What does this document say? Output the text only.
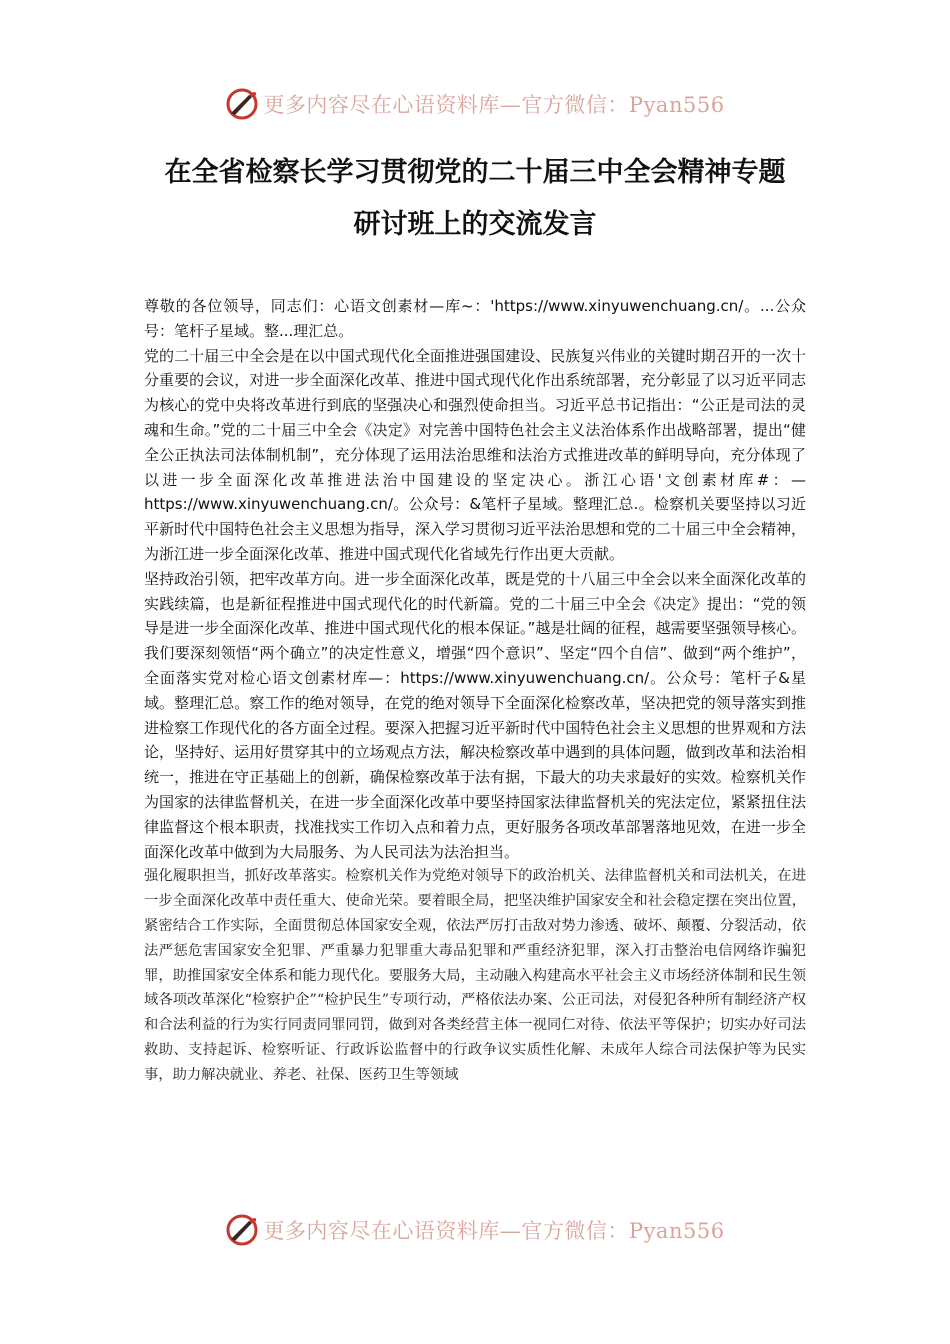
更多内容尽在心语资料库—官方微信：Pyan556
在全省检察长学习贯彻党的二十届三中全会精神专题
研讨班上的交流发言

尊敬的各位领导，同志们：心语文创素材—库~：'https://www.xinyuwenchuang.cn/。...公众号：笔杆子星域。整...理汇总。

党的二十届三中全会是在以中国式现代化全面推进强国建设、民族复兴伟业的关键时期召开的一次十分重要的会议，对进一步全面深化改革、推进中国式现代化作出系统部署，充分彰显了以习近平同志为核心的党中央将改革进行到底的坚强决心和强烈使命担当。习近平总书记指出：“公正是司法的灵魂和生命。”党的二十届三中全会《决定》对完善中国特色社会主义法治体系作出战略部署，提出“健全公正执法司法体制机制”，充分体现了运用法治思维和法治方式推进改革的鲜明导向，充分体现了以进一步全面深化改革推进法治中国建设的坚定决心。浙江心语'文创素材库#：—https://www.xinyuwenchuang.cn/。公众号：&笔杆子星域。整理汇总.。检察机关要坚持以习近平新时代中国特色社会主义思想为指导，深入学习贯彻习近平法治思想和党的二十届三中全会精神，为浙江进一步全面深化改革、推进中国式现代化省域先行作出更大贡献。

坚持政治引领，把牢改革方向。进一步全面深化改革，既是党的十八届三中全会以来全面深化改革的实践续篇，也是新征程推进中国式现代化的时代新篇。党的二十届三中全会《决定》提出：“党的领导是进一步全面深化改革、推进中国式现代化的根本保证。”越是壮阔的征程，越需要坚强领导核心。我们要深刻领悟“两个确立”的决定性意义，增强“四个意识”、坚定“四个自信”、做到“两个维护”，全面落实党对检心语文创素材库—：https://www.xinyuwenchuang.cn/。公众号：笔杆子&星域。整理汇总。察工作的绝对领导，在党的绝对领导下全面深化检察改革，坚决把党的领导落实到推进检察工作现代化的各方面全过程。要深入把握习近平新时代中国特色社会主义思想的世界观和方法论，坚持好、运用好贯穿其中的立场观点方法，解决检察改革中遇到的具体问题，做到改革和法治相统一，推进在守正基础上的创新，确保检察改革于法有据，下最大的功夫求最好的实效。检察机关作为国家的法律监督机关，在进一步全面深化改革中要坚持国家法律监督机关的宪法定位，紧紧扭住法律监督这个根本职责，找准找实工作切入点和着力点，更好服务各项改革部署落地见效，在进一步全面深化改革中做到为大局服务、为人民司法为法治担当。

强化履职担当，抓好改革落实。检察机关作为党绝对领导下的政治机关、法律监督机关和司法机关，在进一步全面深化改革中责任重大、使命光荣。要着眼全局，把坚决维护国家安全和社会稳定摆在突出位置，紧密结合工作实际，全面贯彻总体国家安全观，依法严厉打击敌对势力渗透、破坏、颠覆、分裂活动，依法严惩危害国家安全犯罪、严重暴力犯罪重大毒品犯罪和严重经济犯罪，深入打击整治电信网络诈骗犯罪，助推国家安全体系和能力现代化。要服务大局，主动融入构建高水平社会主义市场经济体制和民生领域各项改革深化“检察护企”“检护民生”专项行动，严格依法办案、公正司法，对侵犯各种所有制经济产权和合法利益的行为实行同责同罪同罚，做到对各类经营主体一视同仁对待、依法平等保护；切实办好司法救助、支持起诉、检察听证、行政诉讼监督中的行政争议实质性化解、未成年人综合司法保护等为民实事，助力解决就业、养老、社保、医药卫生等领域

更多内容尽在心语资料库—官方微信：Pyan556
